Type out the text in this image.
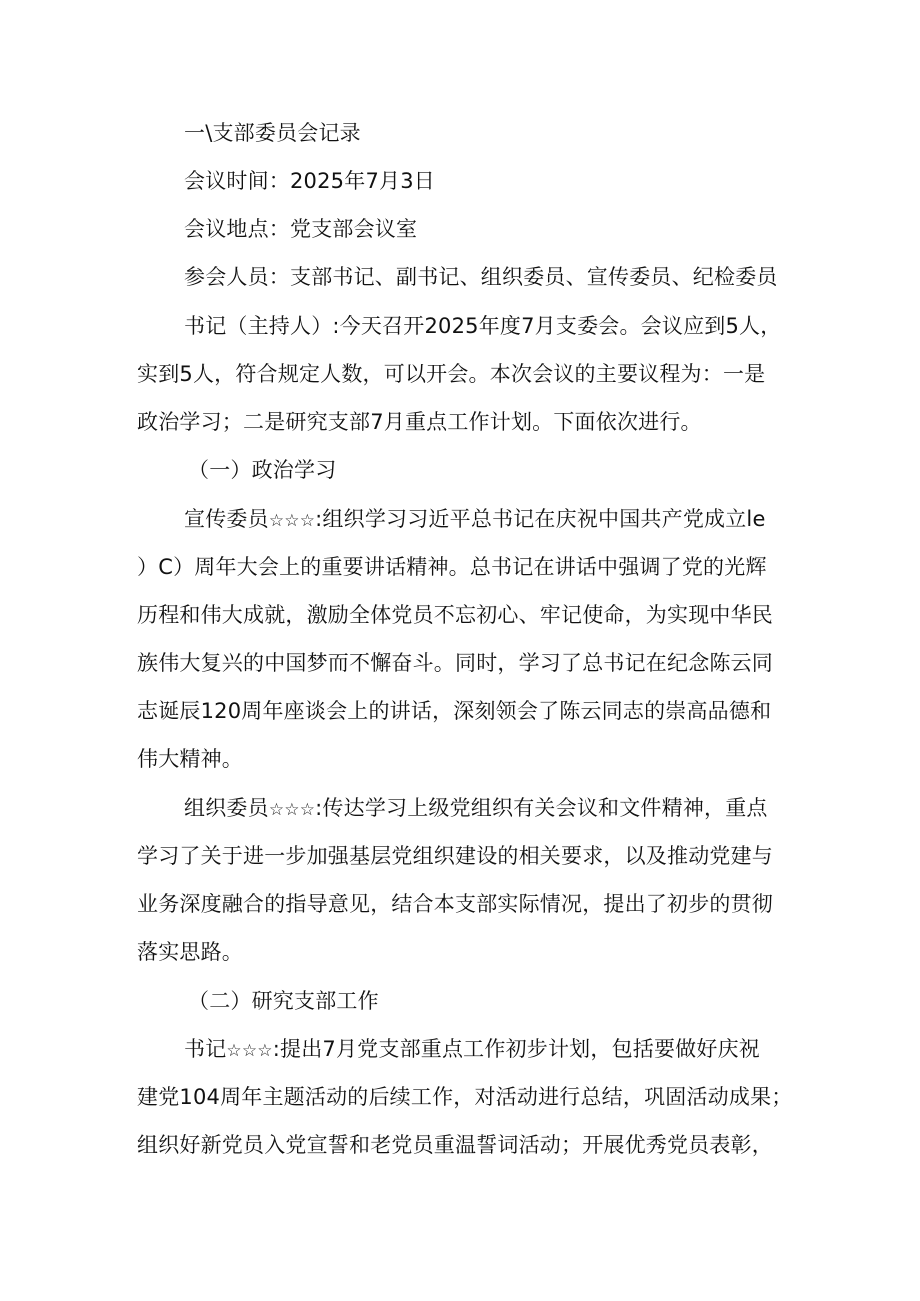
一\支部委员会记录
会议时间：2025年7月3日
会议地点：党支部会议室
参会人员：支部书记、副书记、组织委员、宣传委员、纪检委员
书记（主持人）:今天召开2025年度7月支委会。会议应到5人，
实到5人，符合规定人数，可以开会。本次会议的主要议程为：一是
政治学习；二是研究支部7月重点工作计划。下面依次进行。
（一）政治学习
宣传委员☆☆☆:组织学习习近平总书记在庆祝中国共产党成立le
）C）周年大会上的重要讲话精神。总书记在讲话中强调了党的光辉
历程和伟大成就，激励全体党员不忘初心、牢记使命，为实现中华民
族伟大复兴的中国梦而不懈奋斗。同时，学习了总书记在纪念陈云同
志诞辰120周年座谈会上的讲话，深刻领会了陈云同志的崇高品德和
伟大精神。
组织委员☆☆☆:传达学习上级党组织有关会议和文件精神，重点
学习了关于进一步加强基层党组织建设的相关要求，以及推动党建与
业务深度融合的指导意见，结合本支部实际情况，提出了初步的贯彻
落实思路。
（二）研究支部工作
书记☆☆☆:提出7月党支部重点工作初步计划，包括要做好庆祝
建党104周年主题活动的后续工作，对活动进行总结，巩固活动成果；
组织好新党员入党宣誓和老党员重温誓词活动；开展优秀党员表彰，
